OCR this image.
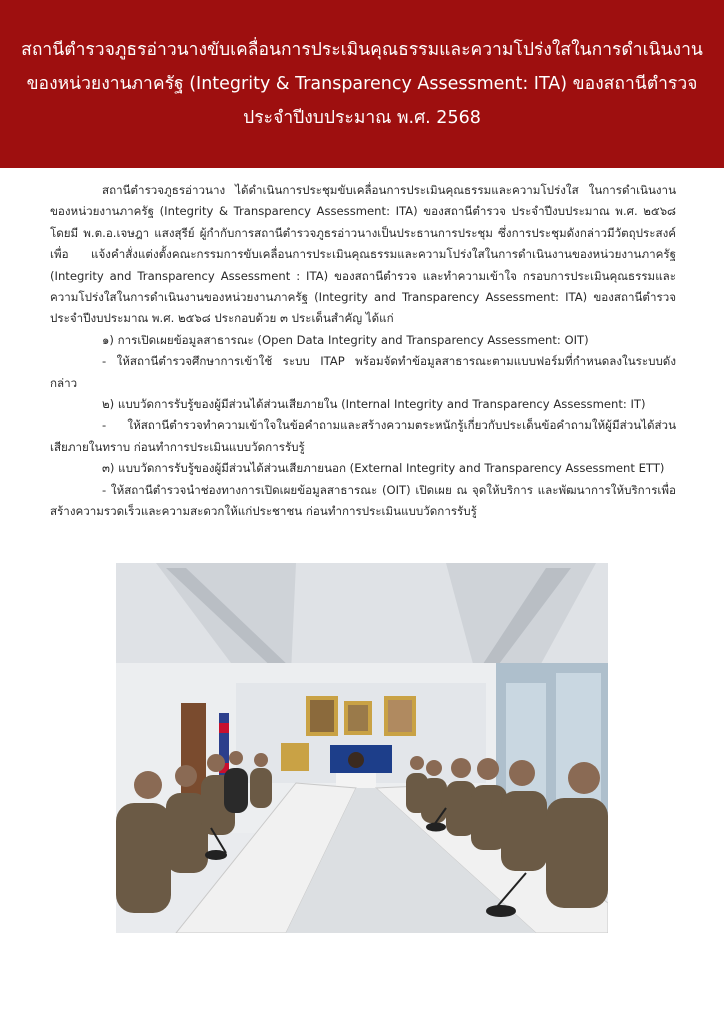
สถานีตำรวจภูธรอ่าวนางขับเคลื่อนการประเมินคุณธรรมและความโปร่งใสในการดำเนินงาน
ของหน่วยงานภาครัฐ (Integrity & Transparency Assessment: ITA) ของสถานีตำรวจ
ประจำปีงบประมาณ พ.ศ. 2568

สถานีตำรวจภูธรอ่าวนาง ได้ดำเนินการประชุมขับเคลื่อนการประเมินคุณธรรมและความโปร่งใส ในการดำเนินงานของหน่วยงานภาครัฐ (Integrity & Transparency Assessment: ITA) ของสถานีตำรวจ ประจำปีงบประมาณ พ.ศ. ๒๕๖๘ โดยมี พ.ต.อ.เจษฎา แสงสุรีย์ ผู้กำกับการสถานีตำรวจภูธรอ่าวนางเป็นประธานการประชุม ซึ่งการประชุมดังกล่าวมีวัตถุประสงค์เพื่อ แจ้งคำสั่งแต่งตั้งคณะกรรมการขับเคลื่อนการประเมินคุณธรรมและความโปร่งใสในการดำเนินงานของหน่วยงานภาครัฐ (Integrity and Transparency Assessment : ITA) ของสถานีตำรวจ และทำความเข้าใจ กรอบการประเมินคุณธรรมและความโปร่งใสในการดำเนินงานของหน่วยงานภาครัฐ (Integrity and Transparency Assessment: ITA) ของสถานีตำรวจ ประจำปีงบประมาณ พ.ศ. ๒๕๖๘ ประกอบด้วย ๓ ประเด็นสำคัญ ได้แก่

๑) การเปิดเผยข้อมูลสาธารณะ (Open Data Integrity and Transparency Assessment: OIT)

- ให้สถานีตำรวจศึกษาการเข้าใช้ ระบบ ITAP พร้อมจัดทำข้อมูลสาธารณะตามแบบฟอร์มที่กำหนดลงในระบบดังกล่าว

๒) แบบวัดการรับรู้ของผู้มีส่วนได้ส่วนเสียภายใน (Internal Integrity and Transparency Assessment: IT)

- ให้สถานีตำรวจทำความเข้าใจในข้อคำถามและสร้างความตระหนักรู้เกี่ยวกับประเด็นข้อคำถามให้ผู้มีส่วนได้ส่วนเสียภายในทราบ ก่อนทำการประเมินแบบวัดการรับรู้

๓) แบบวัดการรับรู้ของผู้มีส่วนได้ส่วนเสียภายนอก (External Integrity and Transparency Assessment ETT)

- ให้สถานีตำรวจนำช่องทางการเปิดเผยข้อมูลสาธารณะ (OIT) เปิดเผย ณ จุดให้บริการ และพัฒนาการให้บริการเพื่อสร้างความรวดเร็วและความสะดวกให้แก่ประชาชน ก่อนทำการประเมินแบบวัดการรับรู้
